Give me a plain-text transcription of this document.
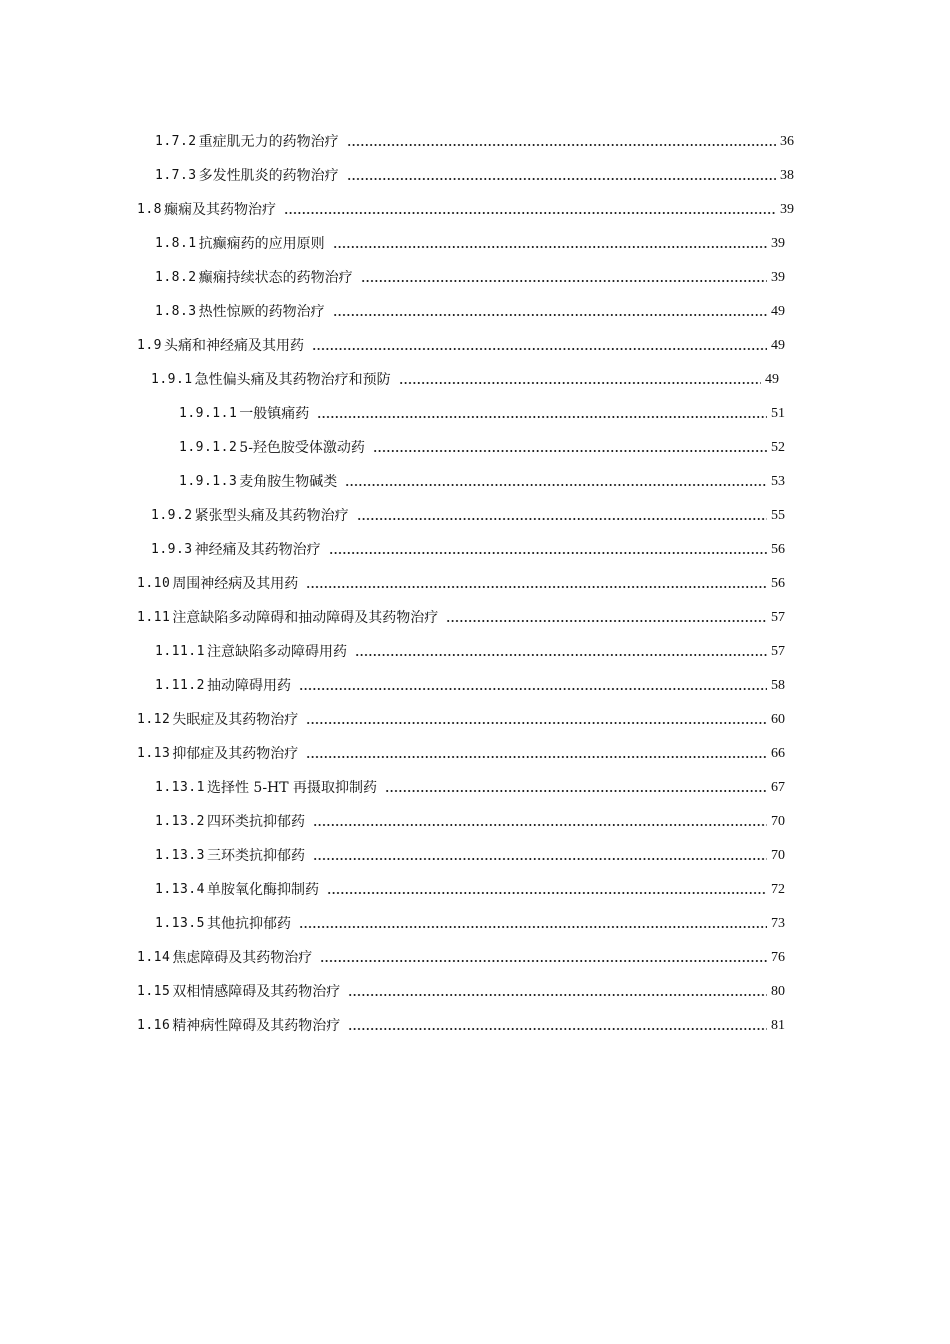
1.7.2 重症肌无力的药物治疗	36
1.7.3 多发性肌炎的药物治疗	38
1.8 癫痫及其药物治疗	39
1.8.1 抗癫痫药的应用原则	39
1.8.2 癫痫持续状态的药物治疗	39
1.8.3 热性惊厥的药物治疗	49
1.9 头痛和神经痛及其用药	49
1.9.1 急性偏头痛及其药物治疗和预防	49
1.9.1.1 一般镇痛药	51
1.9.1.2 5-羟色胺受体激动药	52
1.9.1.3 麦角胺生物碱类	53
1.9.2 紧张型头痛及其药物治疗	55
1.9.3 神经痛及其药物治疗	56
1.10 周围神经病及其用药	56
1.11 注意缺陷多动障碍和抽动障碍及其药物治疗	57
1.11.1 注意缺陷多动障碍用药	57
1.11.2 抽动障碍用药	58
1.12 失眠症及其药物治疗	60
1.13 抑郁症及其药物治疗	66
1.13.1 选择性 5-HT 再摄取抑制药	67
1.13.2 四环类抗抑郁药	70
1.13.3 三环类抗抑郁药	70
1.13.4 单胺氧化酶抑制药	72
1.13.5 其他抗抑郁药	73
1.14 焦虑障碍及其药物治疗	76
1.15 双相情感障碍及其药物治疗	80
1.16 精神病性障碍及其药物治疗	81
